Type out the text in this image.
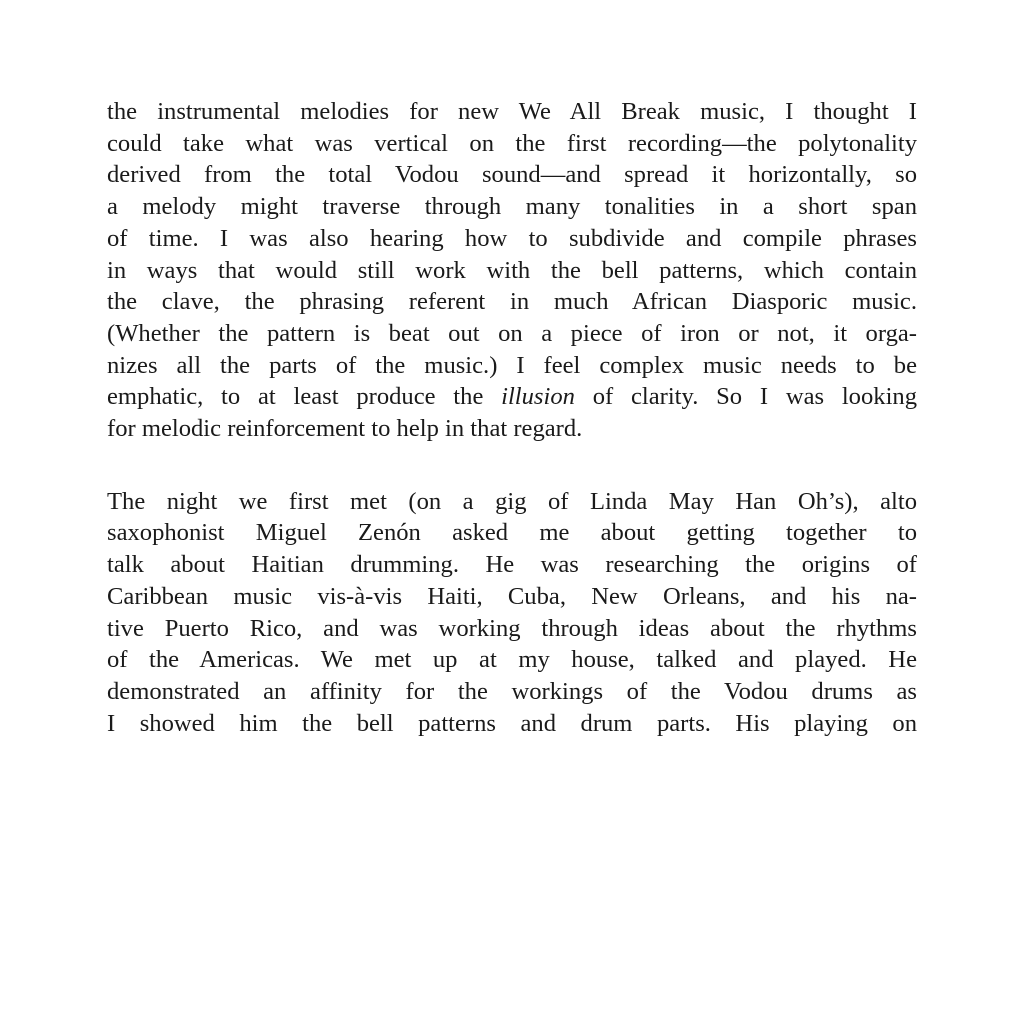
the instrumental melodies for new We All Break music, I thought I
could take what was vertical on the first recording—the polytonality
derived from the total Vodou sound—and spread it horizontally, so
a melody might traverse through many tonalities in a short span
of time. I was also hearing how to subdivide and compile phrases
in ways that would still work with the bell patterns, which contain
the clave, the phrasing referent in much African Diasporic music.
(Whether the pattern is beat out on a piece of iron or not, it orga-
nizes all the parts of the music.) I feel complex music needs to be
emphatic, to at least produce the illusion of clarity. So I was looking
for melodic reinforcement to help in that regard.

The night we first met (on a gig of Linda May Han Oh’s), alto
saxophonist Miguel Zenón asked me about getting together to
talk about Haitian drumming. He was researching the origins of
Caribbean music vis-à-vis Haiti, Cuba, New Orleans, and his na-
tive Puerto Rico, and was working through ideas about the rhythms
of the Americas. We met up at my house, talked and played. He
demonstrated an affinity for the workings of the Vodou drums as
I showed him the bell patterns and drum parts. His playing on
